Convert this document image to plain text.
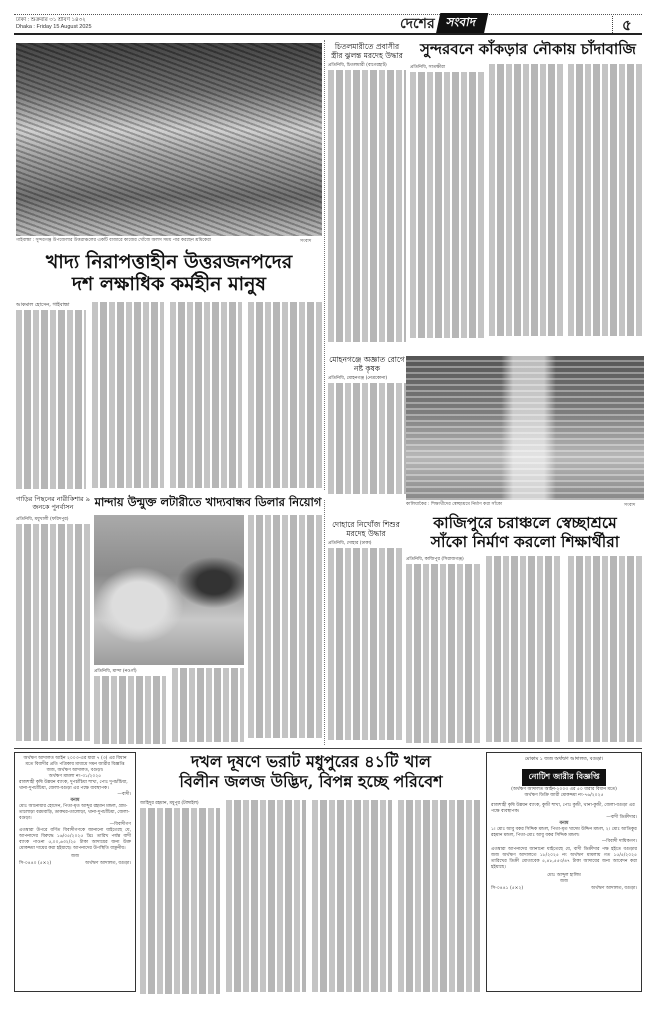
ঢাকা : শুক্রবার ৩১ শ্রাবণ ১৪৩২
Dhaka : Friday 15 August 2025	দেশের সংবাদ	৫
গাইবান্ধা : সুন্দরগঞ্জ উপজেলার উত্তরাঞ্চলের একটি বাজারে কাজের খোঁজে অলস সময় পার করছেন শ্রমিকেরা	সংবাদ
খাদ্য নিরাপত্তাহীন উত্তরজনপদের
দশ লক্ষাধিক কর্মহীন মানুষ
আকমাল হোসেন, গাইবান্ধা
চিতলমারীতে প্রবাসীর স্ত্রীর ঝুলন্ত মরদেহ উদ্ধার
প্রতিনিধি, চিতলমারী (বাগেরহাট)
সুন্দরবনে কাঁকড়ার নৌকায় চাঁদাবাজি
প্রতিনিধি, সাতক্ষীরা
মোহনগঞ্জে অজ্ঞাত রোগে নষ্ট কৃষক
প্রতিনিধি, মোহনগঞ্জ (নেত্রকোনা)
কালিয়াকৈর : শিক্ষার্থীদের স্বেচ্ছাশ্রমে নির্মাণ করা সাঁকো	সংবাদ
কাজিপুরে চরাঞ্চলে স্বেচ্ছাশ্রমে
সাঁকো নির্মাণ করলো শিক্ষার্থীরা
প্রতিনিধি, কাজিপুর (সিরাজগঞ্জ)
দোহারে নিখোঁজ শিশুর মরদেহ উদ্ধার
প্রতিনিধি, দোহার (ঢাকা)
গাড়ির পিছনের নারীকিশার ৯ জনকে পুনর্বাসন
প্রতিনিধি, মধুখালী (ফরিদপুর)
মান্দায় উন্মুক্ত লটারীতে খাদ্যবান্ধব ডিলার নিয়োগ
প্রতিনিধি, মান্দা (নওগাঁ)
অর্থঋণ আদালত আইন ২০০৩-এর ধারা ৭ (৩) এর বিধান মতে বিবাদীর প্রতি পত্রিকায় মাধ্যমে সমন জারীর বিজ্ঞপ্তি
জজ, অর্থঋণ আদালত, বগুড়া।
অর্থঋণ মামলা নং-৩১/২০২৫
রাজশাহী কৃষি উন্নয়ন ব্যাংক, দুপচাঁচিয়া শাখা, পোঃ দুপচাঁচিয়া, থানা-দুপচাঁচিয়া, জেলা-বগুড়া এর পক্ষে ব্যবস্থাপক।
—বাদী।
বনাম
মোঃ আনোয়ার হোসেন, পিতা-মৃত আব্দুর রহমান মন্ডল, গ্রাম-তালোড়া বরমবাড়ি, ডাকঘর-তালোড়া, থানা-দুপচাঁচিয়া, জেলা-বগুড়া।
—বিবাদীগণ
এতদ্বারা উপরে বর্ণিত বিবাদীগণকে জানানো যাইতেছে যে, আপনাদের বিরুদ্ধে ১৬/০৫/২০২৫ খ্রিঃ তারিখ পর্যন্ত বাদী ব্যাংক পাওনা ৫,০০,৬৩২/২৫ টাকা আদায়ের জন্য উক্ত মোকদ্দমা দায়ের করা হইয়াছে। আপনাদের উপস্থিতি বাঞ্ছনীয়।
জজ
সি-০৪৪০ (৫×২)	অর্থঋণ আদালত, বগুড়া।
দখল দূষণে ভরাট মধুপুরের ৪১টি খাল
বিলীন জলজ উদ্ভিদ, বিপন্ন হচ্ছে পরিবেশ
জাহিদুর রহমান, মধুপুর (টাঙ্গাইল)
মোকাম ১ জজ অর্থঋণ আদালত, বগুড়া।
নোটিশ জারীর বিজ্ঞপ্তি
(অর্থঋণ আদালত আইন-২০০৩ এর ৫০ ধারার বিধান মতে)
অর্থঋণ ডিক্রি জারী মোকদ্দমা নং-৭৬/২০২৫
রাজশাহী কৃষি উন্নয়ন ব্যাংক, কুন্ডী শাখা, পোঃ কুন্ডী, থানা-কুন্ডী, জেলা-বগুড়া এর পক্ষে ব্যবস্থাপক।
—বাদী ডিক্রীদার।
বনাম
১। মোঃ আবু বকর সিদ্দিক মন্ডল, পিতা-মৃত খাদেম উদ্দিন মন্ডল, ২। মোঃ আতিকুর রহমান মন্ডল, পিতা-মোঃ আবু বকর সিদ্দিক মন্ডল।
—বিবাদী দায়িকগণ।
এতদ্বারা আপনাদের জানানো যাইতেছে যে, বাদী ডিক্রীদার পক্ষ হইতে বগুড়ার জজ অর্থঋণ আদালতে ১৮/২০২৫ নং অর্থঋণ মামলায় গত ১৫/৫/২০২৫ তারিখের ডিক্রী মোতাবেক ৫,৪৮,৫৫৩/৪৭ টাকা আদায়ের জন্য আবেদন করা হইয়াছে।
মোঃ আব্দুল হালিম
জজ
সি-০৪৪১ (৫×২)	অর্থঋণ আদালত, বগুড়া।
